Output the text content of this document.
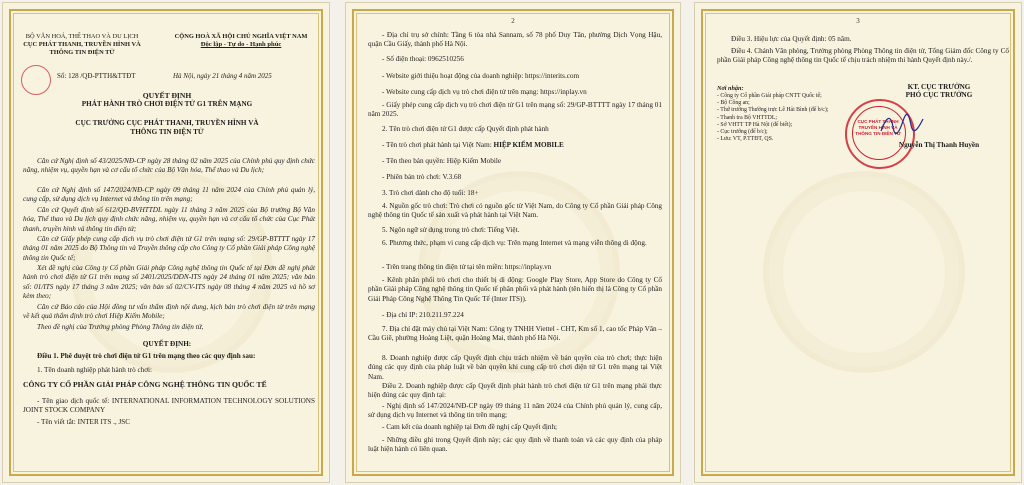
BỘ VĂN HOÁ, THỂ THAO VÀ DU LỊCH
CỤC PHÁT THANH, TRUYỀN HÌNH VÀ THÔNG TIN ĐIỆN TỬ
CỘNG HOÀ XÃ HỘI CHỦ NGHĨA VIỆT NAM
Độc lập - Tự do - Hạnh phúc
Số: 128 /QĐ-PTTH&TTĐT	Hà Nội, ngày 21 tháng 4 năm 2025
QUYẾT ĐỊNH
PHÁT HÀNH TRÒ CHƠI ĐIỆN TỬ G1 TRÊN MẠNG
CỤC TRƯỞNG CỤC PHÁT THANH, TRUYỀN HÌNH VÀ THÔNG TIN ĐIỆN TỬ
Căn cứ Nghị định số 43/2025/NĐ-CP ngày 28 tháng 02 năm 2025 của Chính phủ quy định chức năng, nhiệm vụ, quyền hạn và cơ cấu tổ chức của Bộ Văn hóa, Thể thao và Du lịch;
Căn cứ Nghị định số 147/2024/NĐ-CP ngày 09 tháng 11 năm 2024 của Chính phủ quản lý, cung cấp, sử dụng dịch vụ Internet và thông tin trên mạng;
Căn cứ Quyết định số 612/QĐ-BVHTTDL ngày 11 tháng 3 năm 2025 của Bộ trưởng Bộ Văn hóa, Thể thao và Du lịch quy định chức năng, nhiệm vụ, quyền hạn và cơ cấu tổ chức của Cục Phát thanh, truyền hình và thông tin điện tử;
Căn cứ Giấy phép cung cấp dịch vụ trò chơi điện tử G1 trên mạng số: 29/GP-BTTTT ngày 17 tháng 01 năm 2025 do Bộ Thông tin và Truyền thông cấp cho Công ty Cổ phần Giải pháp Công nghệ thông tin Quốc tế;
Xét đề nghị của Công ty Cổ phần Giải pháp Công nghệ thông tin Quốc tế tại Đơn đề nghị phát hành trò chơi điện tử G1 trên mạng số 2401/2025/DDN-ITS ngày 24 tháng 01 năm 2025; văn bản số: 01/ITS ngày 17 tháng 3 năm 2025; văn bản số 02/CV-ITS ngày 08 tháng 4 năm 2025 và hồ sơ kèm theo;
Căn cứ Báo cáo của Hội đồng tư vấn thẩm định nội dung, kịch bản trò chơi điện tử trên mạng về kết quả thẩm định trò chơi Hiệp Kiếm Mobile;
Theo đề nghị của Trưởng phòng Phòng Thông tin điện tử,
QUYẾT ĐỊNH:
Điều 1. Phê duyệt trò chơi điện tử G1 trên mạng theo các quy định sau:
1. Tên doanh nghiệp phát hành trò chơi:
CÔNG TY CỔ PHẦN GIẢI PHÁP CÔNG NGHỆ THÔNG TIN QUỐC TẾ
- Tên giao dịch quốc tế: INTERNATIONAL INFORMATION TECHNOLOGY SOLUTIONS JOINT STOCK COMPANY
- Tên viết tắt: INTER ITS ., JSC
2
- Địa chỉ trụ sở chính: Tầng 6 tòa nhà Sannam, số 78 phố Duy Tân, phường Dịch Vọng Hậu, quận Cầu Giấy, thành phố Hà Nội.
- Số điện thoại: 0962510256
- Website giới thiệu hoạt động của doanh nghiệp: https://interits.com
- Website cung cấp dịch vụ trò chơi điện tử trên mạng: https://inplay.vn
- Giấy phép cung cấp dịch vụ trò chơi điện tử G1 trên mạng số: 29/GP-BTTTT ngày 17 tháng 01 năm 2025.
2. Tên trò chơi điện tử G1 được cấp Quyết định phát hành
- Tên trò chơi phát hành tại Việt Nam: HIỆP KIẾM MOBILE
- Tên theo bản quyền: Hiệp Kiếm Mobile
- Phiên bản trò chơi: V.3.68
3. Trò chơi dành cho độ tuổi: 18+
4. Nguồn gốc trò chơi: Trò chơi có nguồn gốc từ Việt Nam, do Công ty Cổ phần Giải pháp Công nghệ thông tin Quốc tế sản xuất và phát hành tại Việt Nam.
5. Ngôn ngữ sử dụng trong trò chơi: Tiếng Việt.
6. Phương thức, phạm vi cung cấp dịch vụ: Trên mạng Internet và mạng viễn thông di động.
- Trên trang thông tin điện tử tại tên miền: https://inplay.vn
- Kênh phân phối trò chơi cho thiết bị di động: Google Play Store, App Store do Công ty Cổ phần Giải pháp Công nghệ thông tin Quốc tế phân phối và phát hành (tên hiển thị là Công ty Cổ phần Giải Pháp Công Nghệ Thông Tin Quốc Tế (Inter ITS)).
- Địa chỉ IP: 210.211.97.224
7. Địa chỉ đặt máy chủ tại Việt Nam: Công ty TNHH Viettel - CHT, Km số 1, cao tốc Pháp Vân – Cầu Giẽ, phường Hoàng Liệt, quận Hoàng Mai, thành phố Hà Nội.
8. Doanh nghiệp được cấp Quyết định chịu trách nhiệm về bản quyền của trò chơi; thực hiện đúng các quy định của pháp luật về bản quyền khi cung cấp trò chơi điện tử G1 trên mạng tại Việt Nam.
Điều 2. Doanh nghiệp được cấp Quyết định phát hành trò chơi điện tử G1 trên mạng phải thực hiện đúng các quy định tại:
- Nghị định số 147/2024/NĐ-CP ngày 09 tháng 11 năm 2024 của Chính phủ quản lý, cung cấp, sử dụng dịch vụ Internet và thông tin trên mạng;
- Cam kết của doanh nghiệp tại Đơn đề nghị cấp Quyết định;
- Những điều ghi trong Quyết định này; các quy định về thanh toán và các quy định của pháp luật hiện hành có liên quan.
3
Điều 3. Hiệu lực của Quyết định: 05 năm.
Điều 4. Chánh Văn phòng, Trưởng phòng Phòng Thông tin điện tử, Tổng Giám đốc Công ty Cổ phần Giải pháp Công nghệ thông tin Quốc tế chịu trách nhiệm thi hành Quyết định này./.
Nơi nhận:
- Công ty Cổ phần Giải pháp CNTT Quốc tế;
- Bộ Công an;
- Thứ trưởng Thường trực Lê Hải Bình (để b/c);
- Thanh tra Bộ VHTTDL;
- Sở VHTT TP Hà Nội (để biết);
- Cục trưởng (để b/c);
- Lưu: VT, P.TTĐT, QS.
KT. CỤC TRƯỞNG
PHÓ CỤC TRƯỞNG
CỤC PHÁT THANH TRUYỀN HÌNH VÀ THÔNG TIN ĐIỆN TỬ
Nguyễn Thị Thanh Huyền
